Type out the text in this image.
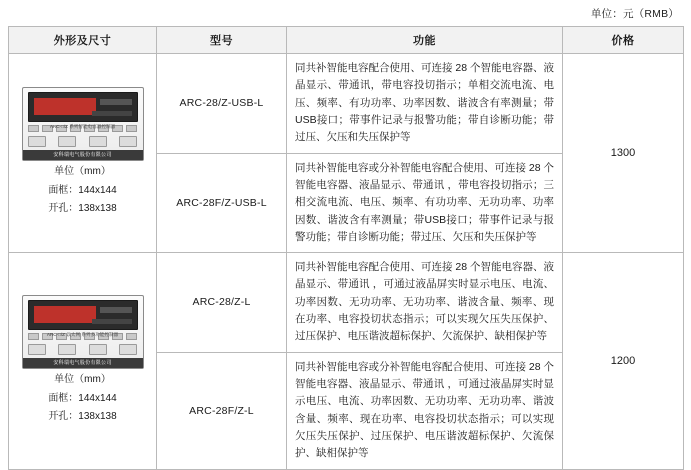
单位：元（RMB）
外形及尺寸	型号	功能	价格

ARC-□/Z 系列智能电容器控制器
安科瑞电气股份有限公司
单位（mm）
面框：144x144
开孔：138x138	ARC-28/Z-USB-L	同共补智能电容配合使用、可连接 28 个智能电容器、液晶显示、带通讯，带电容投切指示；单相交流电流、电压、频率、有功功率、功率因数、谐波含有率测量；带USB接口；带事件记录与报警功能；带自诊断功能；带过压、欠压和失压保护等	1300
	ARC-28F/Z-USB-L	同共补智能电容或分补智能电容配合使用、可连接 28 个智能电容器、液晶显示、带通讯 ，带电容投切指示；三相交流电流、电压、频率、有功功率、无功功率、功率因数、谐波含有率测量；带USB接口；带事件记录与报警功能；带自诊断功能；带过压、欠压和失压保护等	

ARC-□/Z 以太网 系列多功能控制器
安科瑞电气股份有限公司
单位（mm）
面框：144x144
开孔：138x138	ARC-28/Z-L	同共补智能电容配合使用、可连接 28 个智能电容器、液晶显示、带通讯 ，可通过液晶屏实时显示电压、电流、功率因数、无功功率、无功功率、谐波含量、频率、现在功率、电容投切状态指示；可以实现欠压失压保护、过压保护、电压谐波超标保护、欠流保护、缺相保护等	1200
	ARC-28F/Z-L	同共补智能电容或分补智能电容配合使用、可连接 28 个智能电容器、液晶显示、带通讯 ，可通过液晶屏实时显示电压、电流、功率因数、无功功率、无功功率、谐波含量、频率、现在功率、电容投切状态指示；可以实现欠压失压保护、过压保护、电压谐波超标保护、欠流保护、缺相保护等	
